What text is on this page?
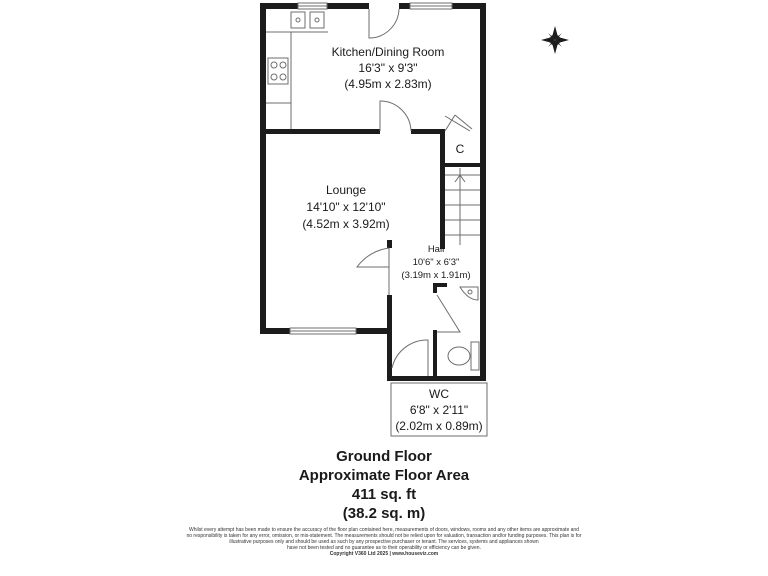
Kitchen/Dining Room
16'3" x 9'3"
(4.95m x 2.83m)
C
Lounge
14'10" x 12'10"
(4.52m x 3.92m)
Hall
10'6" x 6'3"
(3.19m x 1.91m)
WC
6'8" x 2'11"
(2.02m x 0.89m)
Ground Floor
Approximate Floor Area
411 sq. ft
(38.2 sq. m)
Whilst every attempt has been made to ensure the accuracy of the floor plan contained here, measurements of doors, windows, rooms and any other items are approximate and
no responsibility is taken for any error, omission, or mis-statement. The measurements should not be relied upon for valuation, transaction and/or funding purposes. This plan is for
illustrative purposes only and should be used as such by any prospective purchaser or tenant. The services, systems and appliances shown
have not been tested and no guarantee as to their operability or efficiency can be given.
Copyright V360 Ltd 2025 | www.houseviz.com
